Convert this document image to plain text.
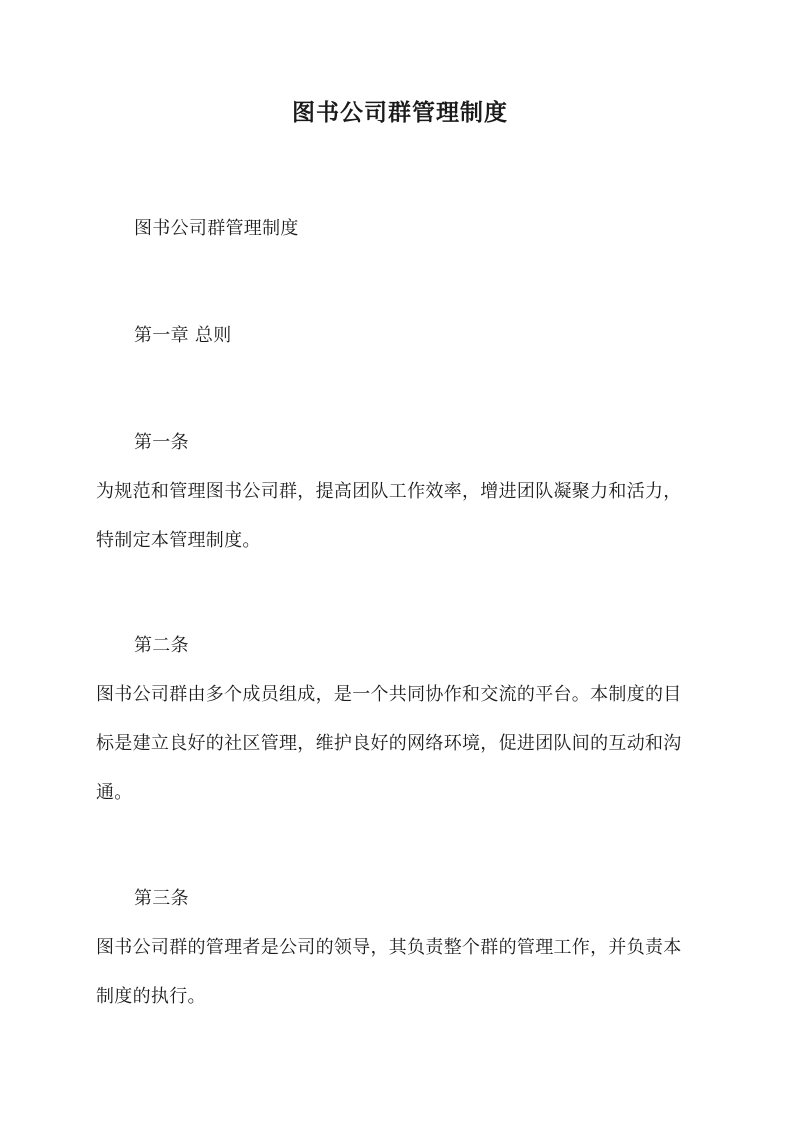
图书公司群管理制度
图书公司群管理制度
第一章 总则
第一条
为规范和管理图书公司群，提高团队工作效率，增进团队凝聚力和活力，
特制定本管理制度。
第二条
图书公司群由多个成员组成，是一个共同协作和交流的平台。本制度的目
标是建立良好的社区管理，维护良好的网络环境，促进团队间的互动和沟
通。
第三条
图书公司群的管理者是公司的领导，其负责整个群的管理工作，并负责本
制度的执行。
